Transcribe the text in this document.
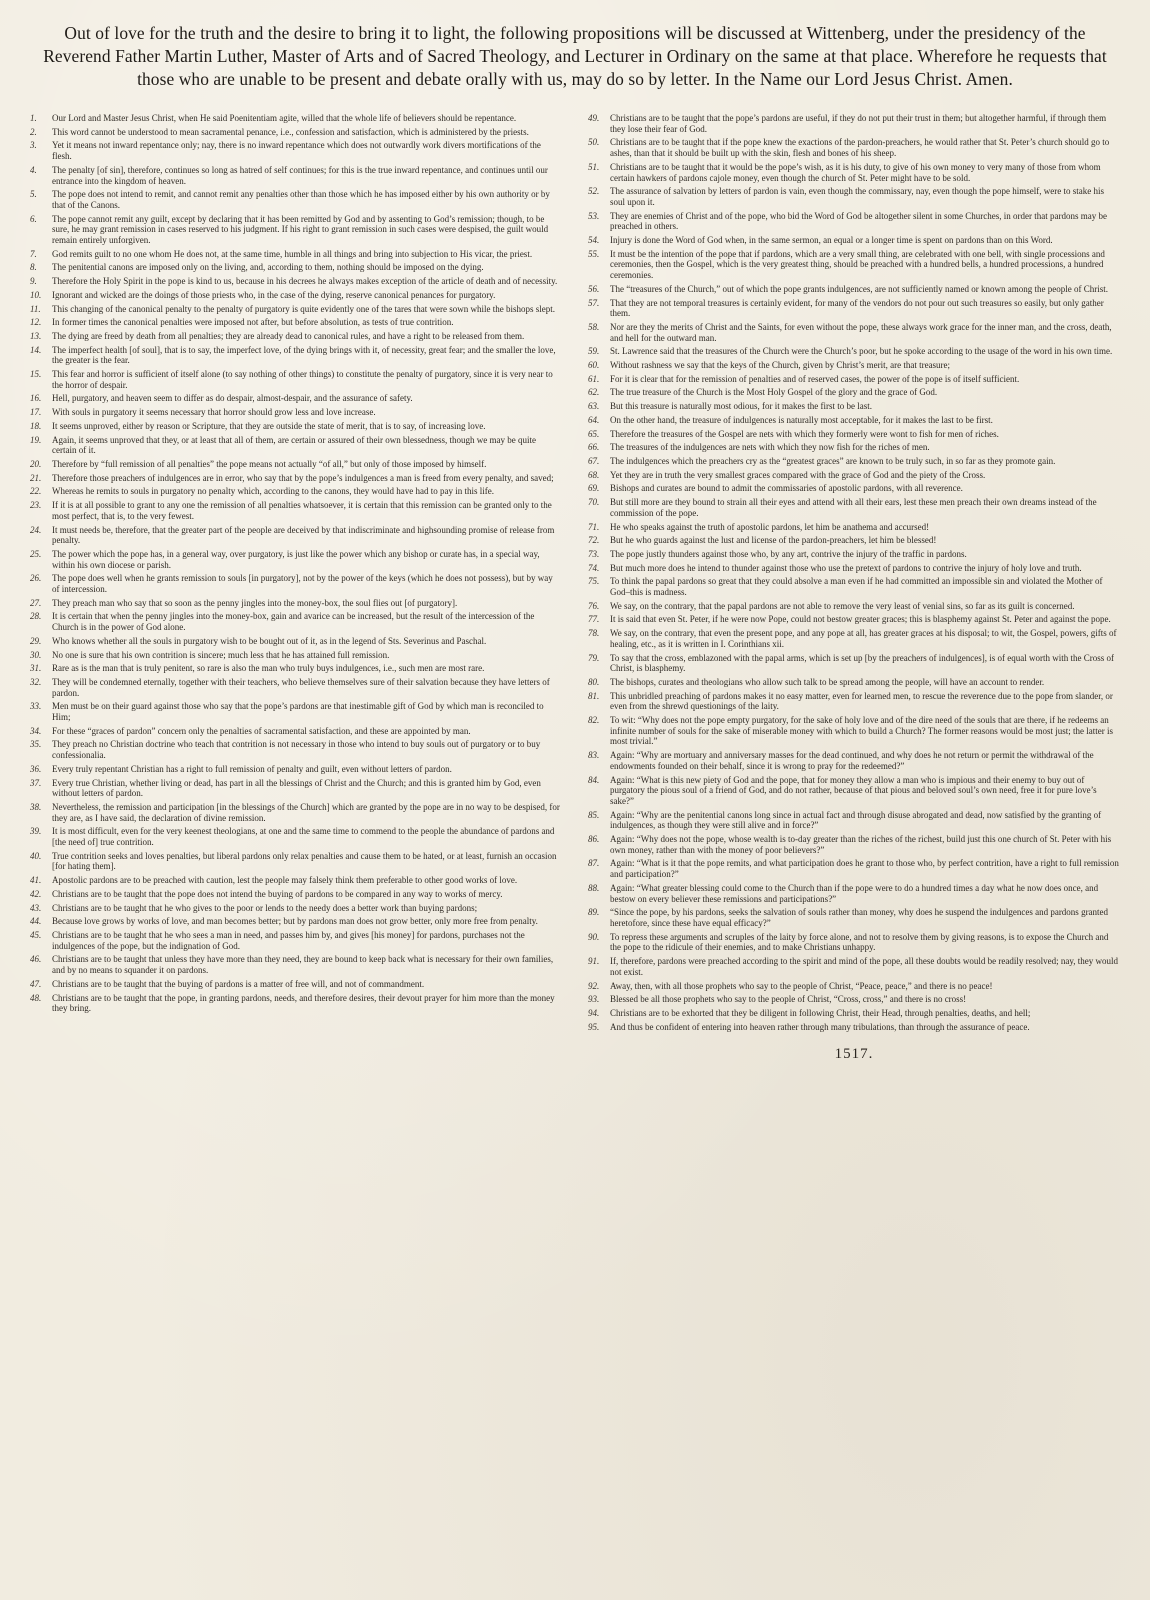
Out of love for the truth and the desire to bring it to light, the following propositions will be discussed at Wittenberg, under the presidency of the Reverend Father Martin Luther, Master of Arts and of Sacred Theology, and Lecturer in Ordinary on the same at that place. Wherefore he requests that those who are unable to be present and debate orally with us, may do so by letter. In the Name our Lord Jesus Christ. Amen.
1.	Our Lord and Master Jesus Christ, when He said Poenitentiam agite, willed that the whole life of believers should be repentance.
2.	This word cannot be understood to mean sacramental penance, i.e., confession and satisfaction, which is administered by the priests.
3.	Yet it means not inward repentance only; nay, there is no inward repentance which does not outwardly work divers mortifications of the flesh.
4.	The penalty [of sin], therefore, continues so long as hatred of self continues; for this is the true inward repentance, and continues until our entrance into the kingdom of heaven.
5.	The pope does not intend to remit, and cannot remit any penalties other than those which he has imposed either by his own authority or by that of the Canons.
6.	The pope cannot remit any guilt, except by declaring that it has been remitted by God and by assenting to God’s remission; though, to be sure, he may grant remission in cases reserved to his judgment. If his right to grant remission in such cases were despised, the guilt would remain entirely unforgiven.
7.	God remits guilt to no one whom He does not, at the same time, humble in all things and bring into subjection to His vicar, the priest.
8.	The penitential canons are imposed only on the living, and, according to them, nothing should be imposed on the dying.
9.	Therefore the Holy Spirit in the pope is kind to us, because in his decrees he always makes exception of the article of death and of necessity.
10.	Ignorant and wicked are the doings of those priests who, in the case of the dying, reserve canonical penances for purgatory.
11.	This changing of the canonical penalty to the penalty of purgatory is quite evidently one of the tares that were sown while the bishops slept.
12.	In former times the canonical penalties were imposed not after, but before absolution, as tests of true contrition.
13.	The dying are freed by death from all penalties; they are already dead to canonical rules, and have a right to be released from them.
14.	The imperfect health [of soul], that is to say, the imperfect love, of the dying brings with it, of necessity, great fear; and the smaller the love, the greater is the fear.
15.	This fear and horror is sufficient of itself alone (to say nothing of other things) to constitute the penalty of purgatory, since it is very near to the horror of despair.
16.	Hell, purgatory, and heaven seem to differ as do despair, almost-despair, and the assurance of safety.
17.	With souls in purgatory it seems necessary that horror should grow less and love increase.
18.	It seems unproved, either by reason or Scripture, that they are outside the state of merit, that is to say, of increasing love.
19.	Again, it seems unproved that they, or at least that all of them, are certain or assured of their own blessedness, though we may be quite certain of it.
20.	Therefore by “full remission of all penalties” the pope means not actually “of all,” but only of those imposed by himself.
21.	Therefore those preachers of indulgences are in error, who say that by the pope’s indulgences a man is freed from every penalty, and saved;
22.	Whereas he remits to souls in purgatory no penalty which, according to the canons, they would have had to pay in this life.
23.	If it is at all possible to grant to any one the remission of all penalties whatsoever, it is certain that this remission can be granted only to the most perfect, that is, to the very fewest.
24.	It must needs be, therefore, that the greater part of the people are deceived by that indiscriminate and highsounding promise of release from penalty.
25.	The power which the pope has, in a general way, over purgatory, is just like the power which any bishop or curate has, in a special way, within his own diocese or parish.
26.	The pope does well when he grants remission to souls [in purgatory], not by the power of the keys (which he does not possess), but by way of intercession.
27.	They preach man who say that so soon as the penny jingles into the money-box, the soul flies out [of purgatory].
28.	It is certain that when the penny jingles into the money-box, gain and avarice can be increased, but the result of the intercession of the Church is in the power of God alone.
29.	Who knows whether all the souls in purgatory wish to be bought out of it, as in the legend of Sts. Severinus and Paschal.
30.	No one is sure that his own contrition is sincere; much less that he has attained full remission.
31.	Rare as is the man that is truly penitent, so rare is also the man who truly buys indulgences, i.e., such men are most rare.
32.	They will be condemned eternally, together with their teachers, who believe themselves sure of their salvation because they have letters of pardon.
33.	Men must be on their guard against those who say that the pope’s pardons are that inestimable gift of God by which man is reconciled to Him;
34.	For these “graces of pardon” concern only the penalties of sacramental satisfaction, and these are appointed by man.
35.	They preach no Christian doctrine who teach that contrition is not necessary in those who intend to buy souls out of purgatory or to buy confessionalia.
36.	Every truly repentant Christian has a right to full remission of penalty and guilt, even without letters of pardon.
37.	Every true Christian, whether living or dead, has part in all the blessings of Christ and the Church; and this is granted him by God, even without letters of pardon.
38.	Nevertheless, the remission and participation [in the blessings of the Church] which are granted by the pope are in no way to be despised, for they are, as I have said, the declaration of divine remission.
39.	It is most difficult, even for the very keenest theologians, at one and the same time to commend to the people the abundance of pardons and [the need of] true contrition.
40.	True contrition seeks and loves penalties, but liberal pardons only relax penalties and cause them to be hated, or at least, furnish an occasion [for hating them].
41.	Apostolic pardons are to be preached with caution, lest the people may falsely think them preferable to other good works of love.
42.	Christians are to be taught that the pope does not intend the buying of pardons to be compared in any way to works of mercy.
43.	Christians are to be taught that he who gives to the poor or lends to the needy does a better work than buying pardons;
44.	Because love grows by works of love, and man becomes better; but by pardons man does not grow better, only more free from penalty.
45.	Christians are to be taught that he who sees a man in need, and passes him by, and gives [his money] for pardons, purchases not the indulgences of the pope, but the indignation of God.
46.	Christians are to be taught that unless they have more than they need, they are bound to keep back what is necessary for their own families, and by no means to squander it on pardons.
47.	Christians are to be taught that the buying of pardons is a matter of free will, and not of commandment.
48.	Christians are to be taught that the pope, in granting pardons, needs, and therefore desires, their devout prayer for him more than the money they bring.
49.	Christians are to be taught that the pope’s pardons are useful, if they do not put their trust in them; but altogether harmful, if through them they lose their fear of God.
50.	Christians are to be taught that if the pope knew the exactions of the pardon-preachers, he would rather that St. Peter’s church should go to ashes, than that it should be built up with the skin, flesh and bones of his sheep.
51.	Christians are to be taught that it would be the pope’s wish, as it is his duty, to give of his own money to very many of those from whom certain hawkers of pardons cajole money, even though the church of St. Peter might have to be sold.
52.	The assurance of salvation by letters of pardon is vain, even though the commissary, nay, even though the pope himself, were to stake his soul upon it.
53.	They are enemies of Christ and of the pope, who bid the Word of God be altogether silent in some Churches, in order that pardons may be preached in others.
54.	Injury is done the Word of God when, in the same sermon, an equal or a longer time is spent on pardons than on this Word.
55.	It must be the intention of the pope that if pardons, which are a very small thing, are celebrated with one bell, with single processions and ceremonies, then the Gospel, which is the very greatest thing, should be preached with a hundred bells, a hundred processions, a hundred ceremonies.
56.	The “treasures of the Church,” out of which the pope grants indulgences, are not sufficiently named or known among the people of Christ.
57.	That they are not temporal treasures is certainly evident, for many of the vendors do not pour out such treasures so easily, but only gather them.
58.	Nor are they the merits of Christ and the Saints, for even without the pope, these always work grace for the inner man, and the cross, death, and hell for the outward man.
59.	St. Lawrence said that the treasures of the Church were the Church’s poor, but he spoke according to the usage of the word in his own time.
60.	Without rashness we say that the keys of the Church, given by Christ’s merit, are that treasure;
61.	For it is clear that for the remission of penalties and of reserved cases, the power of the pope is of itself sufficient.
62.	The true treasure of the Church is the Most Holy Gospel of the glory and the grace of God.
63.	But this treasure is naturally most odious, for it makes the first to be last.
64.	On the other hand, the treasure of indulgences is naturally most acceptable, for it makes the last to be first.
65.	Therefore the treasures of the Gospel are nets with which they formerly were wont to fish for men of riches.
66.	The treasures of the indulgences are nets with which they now fish for the riches of men.
67.	The indulgences which the preachers cry as the “greatest graces” are known to be truly such, in so far as they promote gain.
68.	Yet they are in truth the very smallest graces compared with the grace of God and the piety of the Cross.
69.	Bishops and curates are bound to admit the commissaries of apostolic pardons, with all reverence.
70.	But still more are they bound to strain all their eyes and attend with all their ears, lest these men preach their own dreams instead of the commission of the pope.
71.	He who speaks against the truth of apostolic pardons, let him be anathema and accursed!
72.	But he who guards against the lust and license of the pardon-preachers, let him be blessed!
73.	The pope justly thunders against those who, by any art, contrive the injury of the traffic in pardons.
74.	But much more does he intend to thunder against those who use the pretext of pardons to contrive the injury of holy love and truth.
75.	To think the papal pardons so great that they could absolve a man even if he had committed an impossible sin and violated the Mother of God–this is madness.
76.	We say, on the contrary, that the papal pardons are not able to remove the very least of venial sins, so far as its guilt is concerned.
77.	It is said that even St. Peter, if he were now Pope, could not bestow greater graces; this is blasphemy against St. Peter and against the pope.
78.	We say, on the contrary, that even the present pope, and any pope at all, has greater graces at his disposal; to wit, the Gospel, powers, gifts of healing, etc., as it is written in I. Corinthians xii.
79.	To say that the cross, emblazoned with the papal arms, which is set up [by the preachers of indulgences], is of equal worth with the Cross of Christ, is blasphemy.
80.	The bishops, curates and theologians who allow such talk to be spread among the people, will have an account to render.
81.	This unbridled preaching of pardons makes it no easy matter, even for learned men, to rescue the reverence due to the pope from slander, or even from the shrewd questionings of the laity.
82.	To wit: “Why does not the pope empty purgatory, for the sake of holy love and of the dire need of the souls that are there, if he redeems an infinite number of souls for the sake of miserable money with which to build a Church? The former reasons would be most just; the latter is most trivial.”
83.	Again: “Why are mortuary and anniversary masses for the dead continued, and why does he not return or permit the withdrawal of the endowments founded on their behalf, since it is wrong to pray for the redeemed?”
84.	Again: “What is this new piety of God and the pope, that for money they allow a man who is impious and their enemy to buy out of purgatory the pious soul of a friend of God, and do not rather, because of that pious and beloved soul’s own need, free it for pure love’s sake?”
85.	Again: “Why are the penitential canons long since in actual fact and through disuse abrogated and dead, now satisfied by the granting of indulgences, as though they were still alive and in force?”
86.	Again: “Why does not the pope, whose wealth is to-day greater than the riches of the richest, build just this one church of St. Peter with his own money, rather than with the money of poor believers?”
87.	Again: “What is it that the pope remits, and what participation does he grant to those who, by perfect contrition, have a right to full remission and participation?”
88.	Again: “What greater blessing could come to the Church than if the pope were to do a hundred times a day what he now does once, and bestow on every believer these remissions and participations?”
89.	“Since the pope, by his pardons, seeks the salvation of souls rather than money, why does he suspend the indulgences and pardons granted heretofore, since these have equal efficacy?”
90.	To repress these arguments and scruples of the laity by force alone, and not to resolve them by giving reasons, is to expose the Church and the pope to the ridicule of their enemies, and to make Christians unhappy.
91.	If, therefore, pardons were preached according to the spirit and mind of the pope, all these doubts would be readily resolved; nay, they would not exist.
92.	Away, then, with all those prophets who say to the people of Christ, “Peace, peace,” and there is no peace!
93.	Blessed be all those prophets who say to the people of Christ, “Cross, cross,” and there is no cross!
94.	Christians are to be exhorted that they be diligent in following Christ, their Head, through penalties, deaths, and hell;
95.	And thus be confident of entering into heaven rather through many tribulations, than through the assurance of peace.
1517.
